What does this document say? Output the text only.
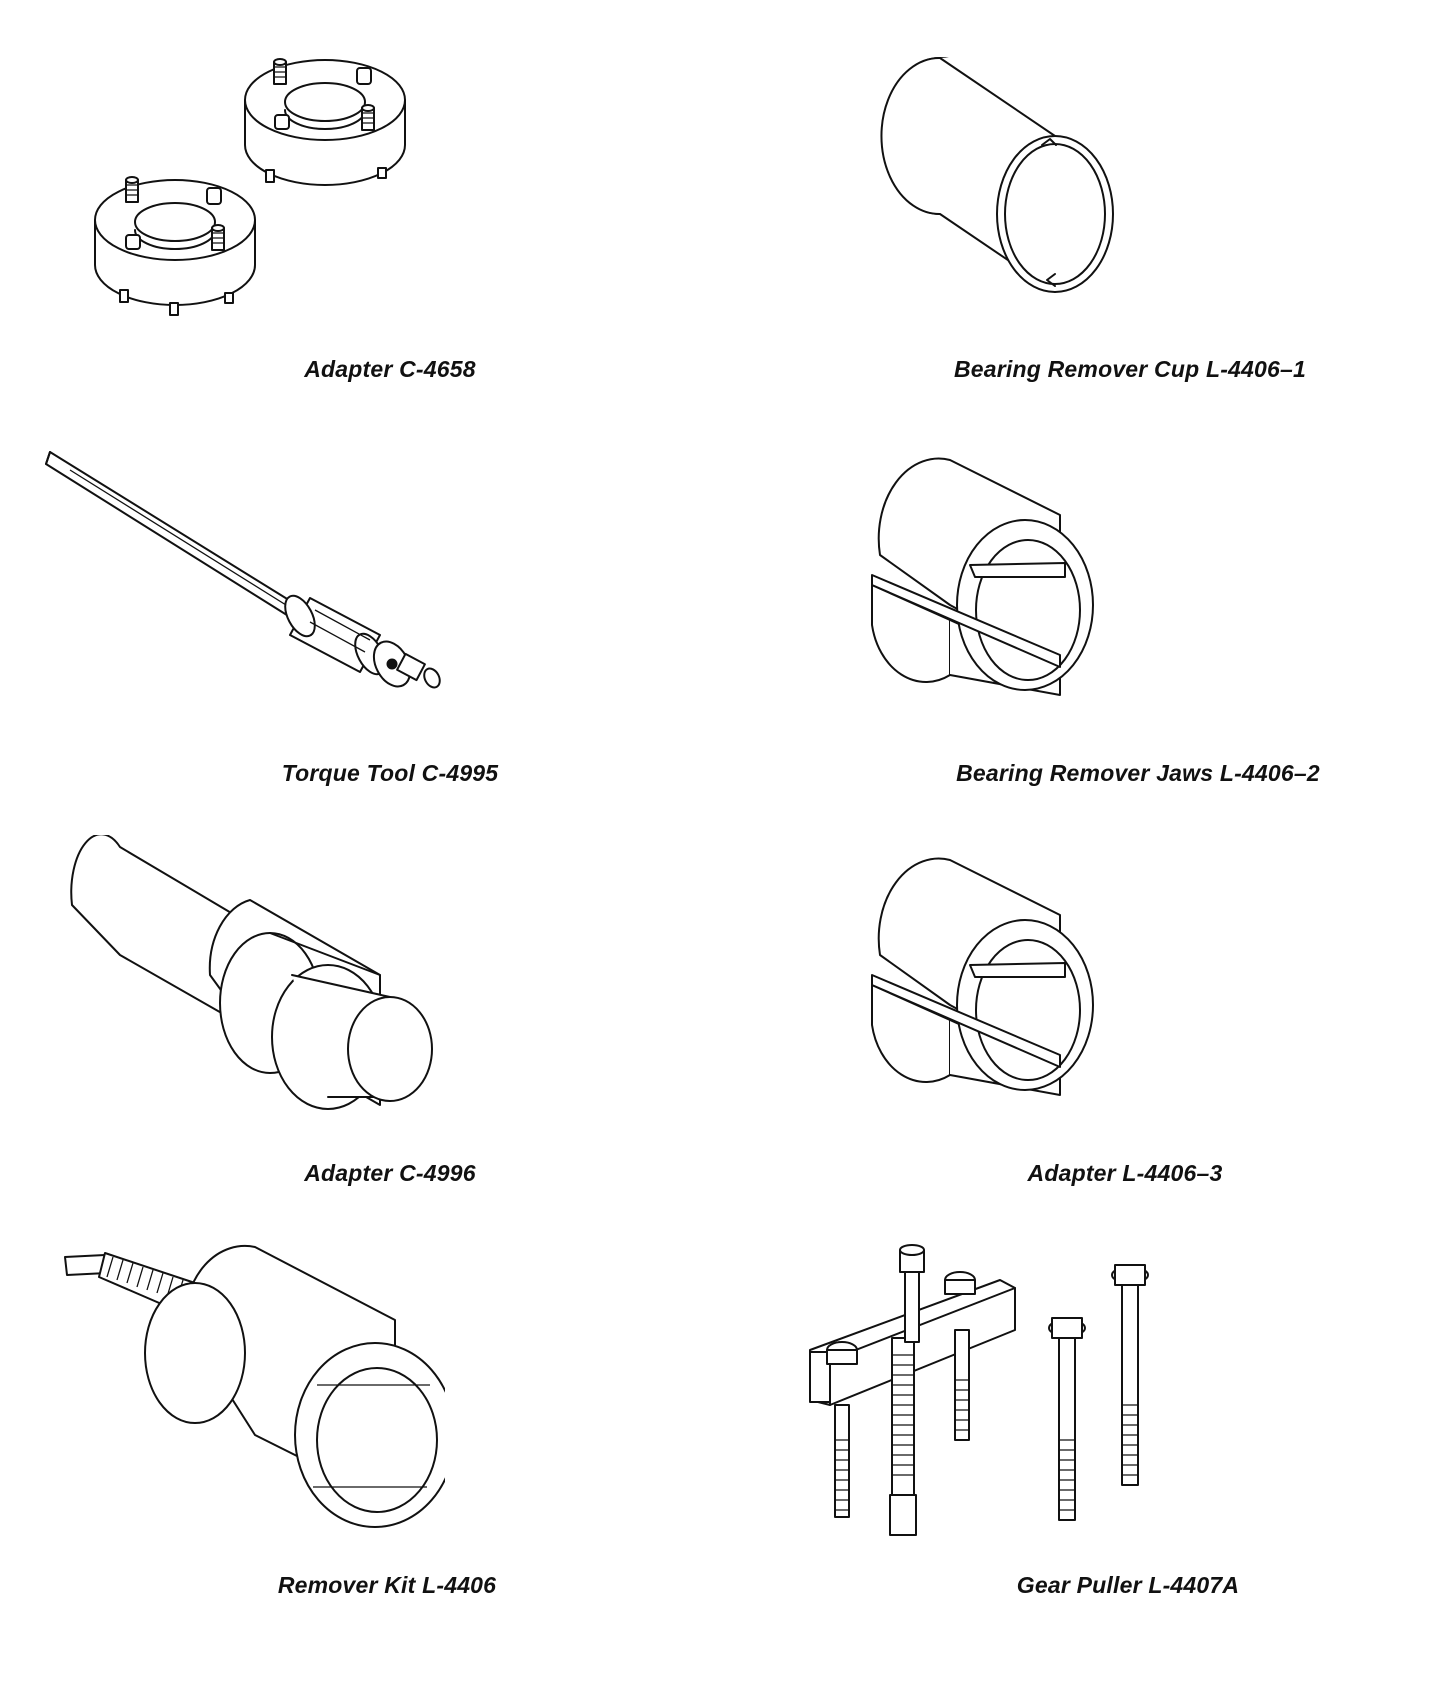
Adapter C-4658	Bearing Remover Cup L-4406–1
Torque Tool C-4995	Bearing Remover Jaws L-4406–2
Adapter C-4996	Adapter L-4406–3
Remover Kit L-4406	Gear Puller L-4407A
